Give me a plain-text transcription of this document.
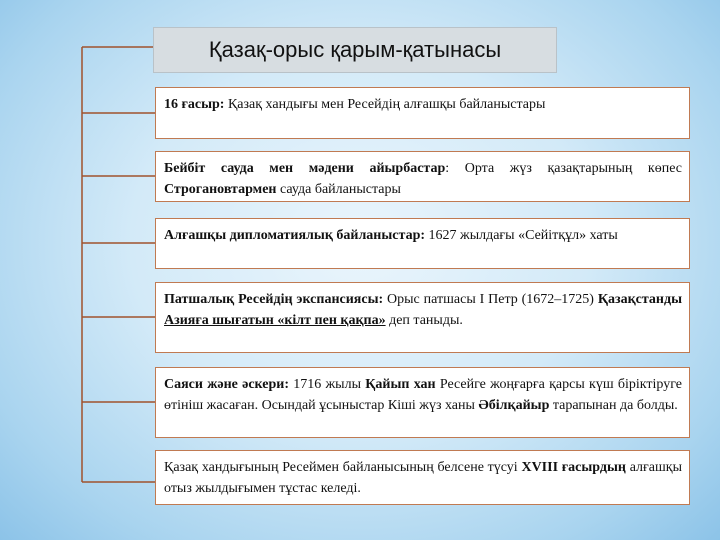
Қазақ-орыс қарым-қатынасы
16 ғасыр: Қазақ хандығы мен Ресейдің алғашқы байланыстары
Бейбіт сауда мен мәдени айырбастар: Орта жүз қазақтарының көпес Строгановтармен сауда байланыстары
Алғашқы дипломатиялық байланыстар: 1627 жылдағы «Сейітқұл» хаты
Патшалық Ресейдің экспансиясы: Орыс патшасы І Петр (1672–1725) Қазақстанды Азияға шығатын «кілт пен қақпа» деп таныды.
Саяси және әскери: 1716 жылы Қайып хан Ресейге жоңғарға қарсы күш біріктіруге өтініш жасаған. Осындай ұсыныстар Кіші жүз ханы Әбілқайыр тарапынан да болды.
Қазақ хандығының Ресеймен байланысының белсене түсуі XVIII ғасырдың алғашқы отыз жылдығымен тұстас келеді.
